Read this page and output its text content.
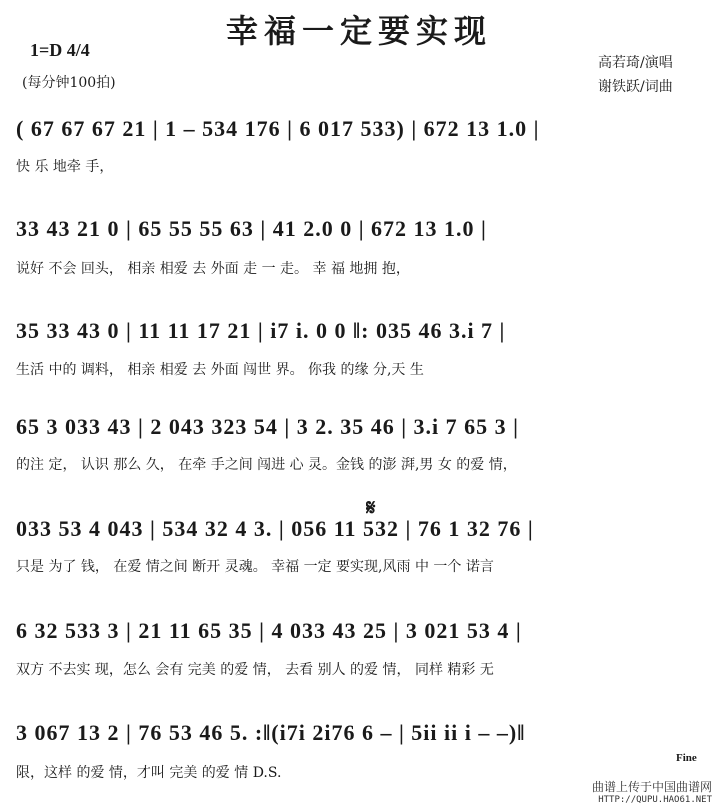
幸福一定要实现
1=D 4/4
(每分钟100拍)
高若琦/演唱
谢铁跃/词曲
( 67 67 67 21 | 1 – 534 176 | 6 017 533) | 672 13 1.0 |
快 乐 地牵 手，
33 43 21 0 | 65 55 55 63 | 41 2.0 0 | 672 13 1.0 |
说好 不会 回头， 相亲 相爱 去 外面 走 一 走。 幸 福 地拥 抱，
35 33 43 0 | 11 11 17 21 | i7 i. 0 0 ‖: 035 46 3.i 7 |
生活 中的 调料， 相亲 相爱 去 外面 闯世 界。 你我 的缘 分,天 生
65 3 033 43 | 2 043 323 54 | 3 2. 35 46 | 3.i 7 65 3 |
的注 定， 认识 那么 久， 在牵 手之间 闯进 心 灵。金钱 的澎 湃,男 女 的爱 情，
𝄋
033 53 4 043 | 534 32 4 3. | 056 11 532 | 76 1 32 76 |
只是 为了 钱， 在爱 情之间 断开 灵魂。 幸福 一定 要实现,风雨 中 一个 诺言
6 32 533 3 | 21 11 65 35 | 4 033 43 25 | 3 021 53 4 |
双方 不去实 现，怎么 会有 完美 的爱 情， 去看 别人 的爱 情， 同样 精彩 无
3 067 13 2 | 76 53 46 5. :‖(i7i 2i76 6 – | 5ii ii i – –)‖
限，这样 的爱 情，才叫 完美 的爱 情 D.S.
Fine
曲谱上传于中国曲谱网
HTTP://QUPU.HAO61.NET
